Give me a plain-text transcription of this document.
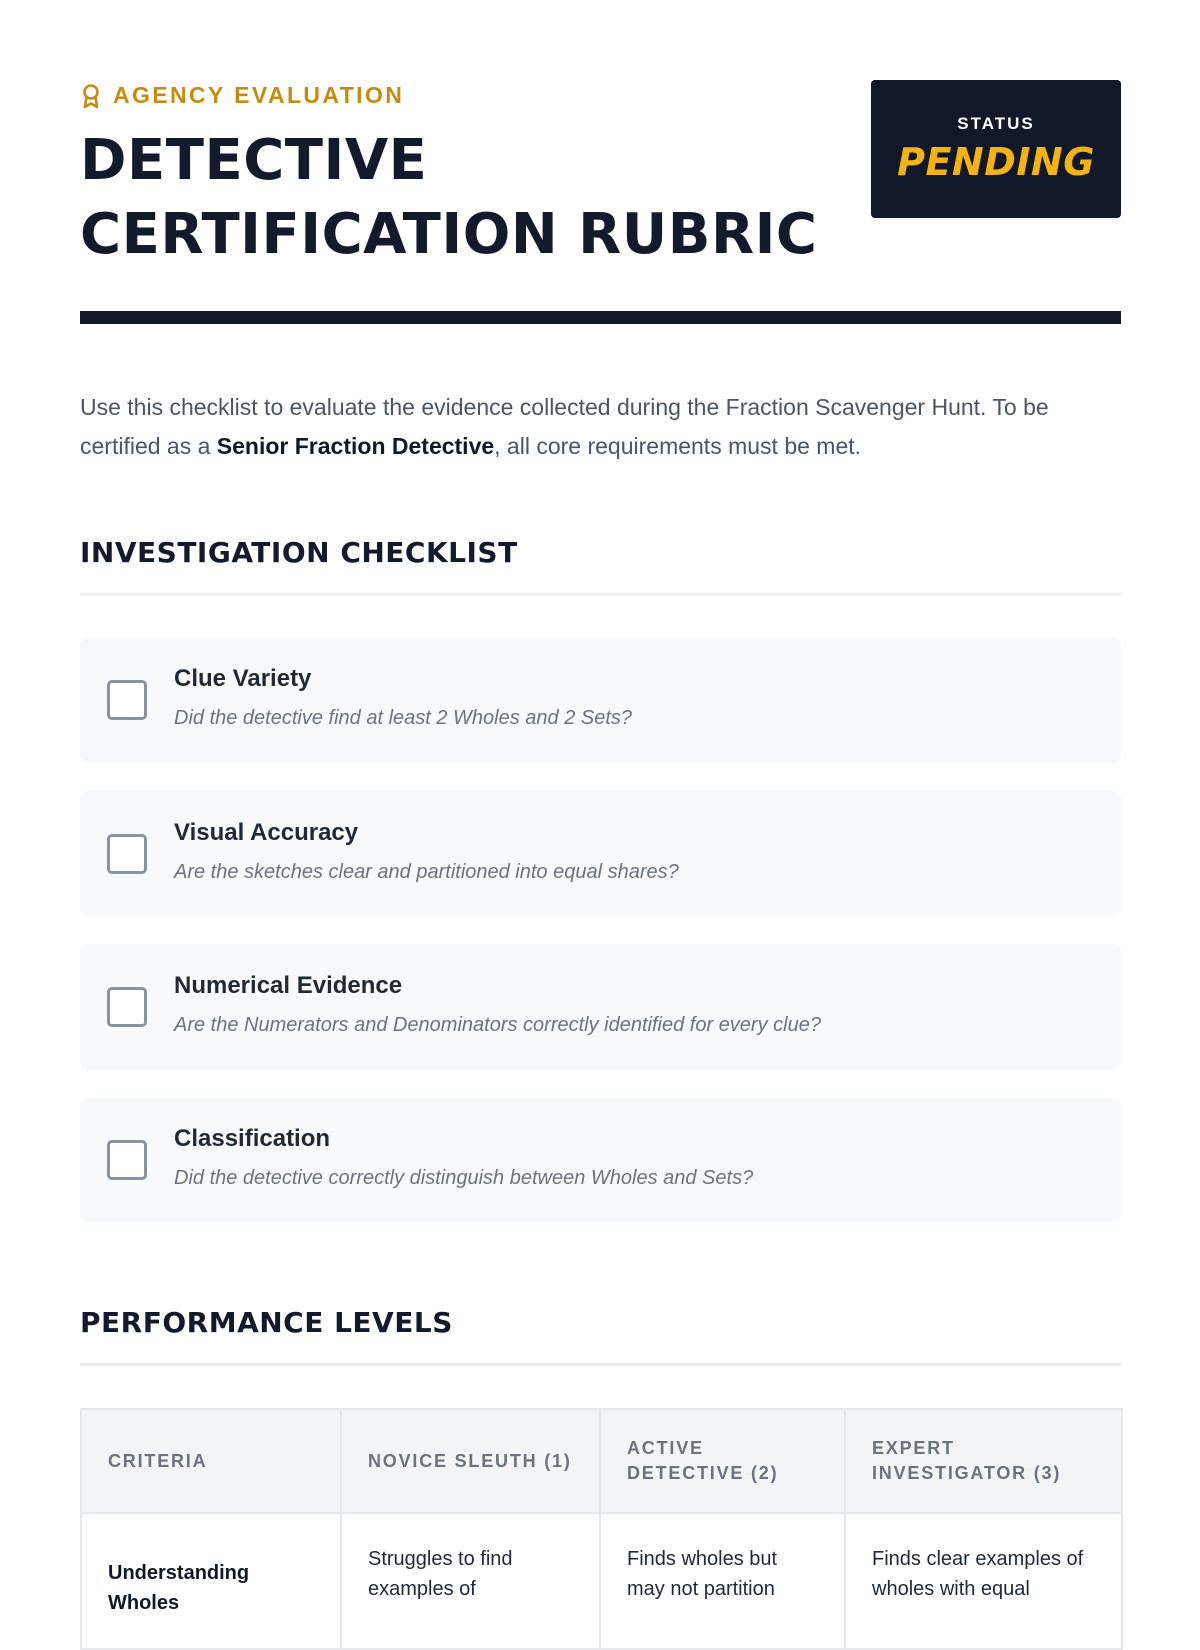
AGENCY EVALUATION
DETECTIVE CERTIFICATION RUBRIC
STATUS
PENDING

Use this checklist to evaluate the evidence collected during the Fraction Scavenger Hunt. To be certified as a Senior Fraction Detective, all core requirements must be met.

INVESTIGATION CHECKLIST
Clue Variety
Did the detective find at least 2 Wholes and 2 Sets?
Visual Accuracy
Are the sketches clear and partitioned into equal shares?
Numerical Evidence
Are the Numerators and Denominators correctly identified for every clue?
Classification
Did the detective correctly distinguish between Wholes and Sets?
PERFORMANCE LEVELS
CRITERIA	NOVICE SLEUTH (1)	ACTIVE DETECTIVE (2)	EXPERT INVESTIGATOR (3)
Understanding Wholes	Struggles to find examples of	Finds wholes but may not partition	Finds clear examples of wholes with equal
